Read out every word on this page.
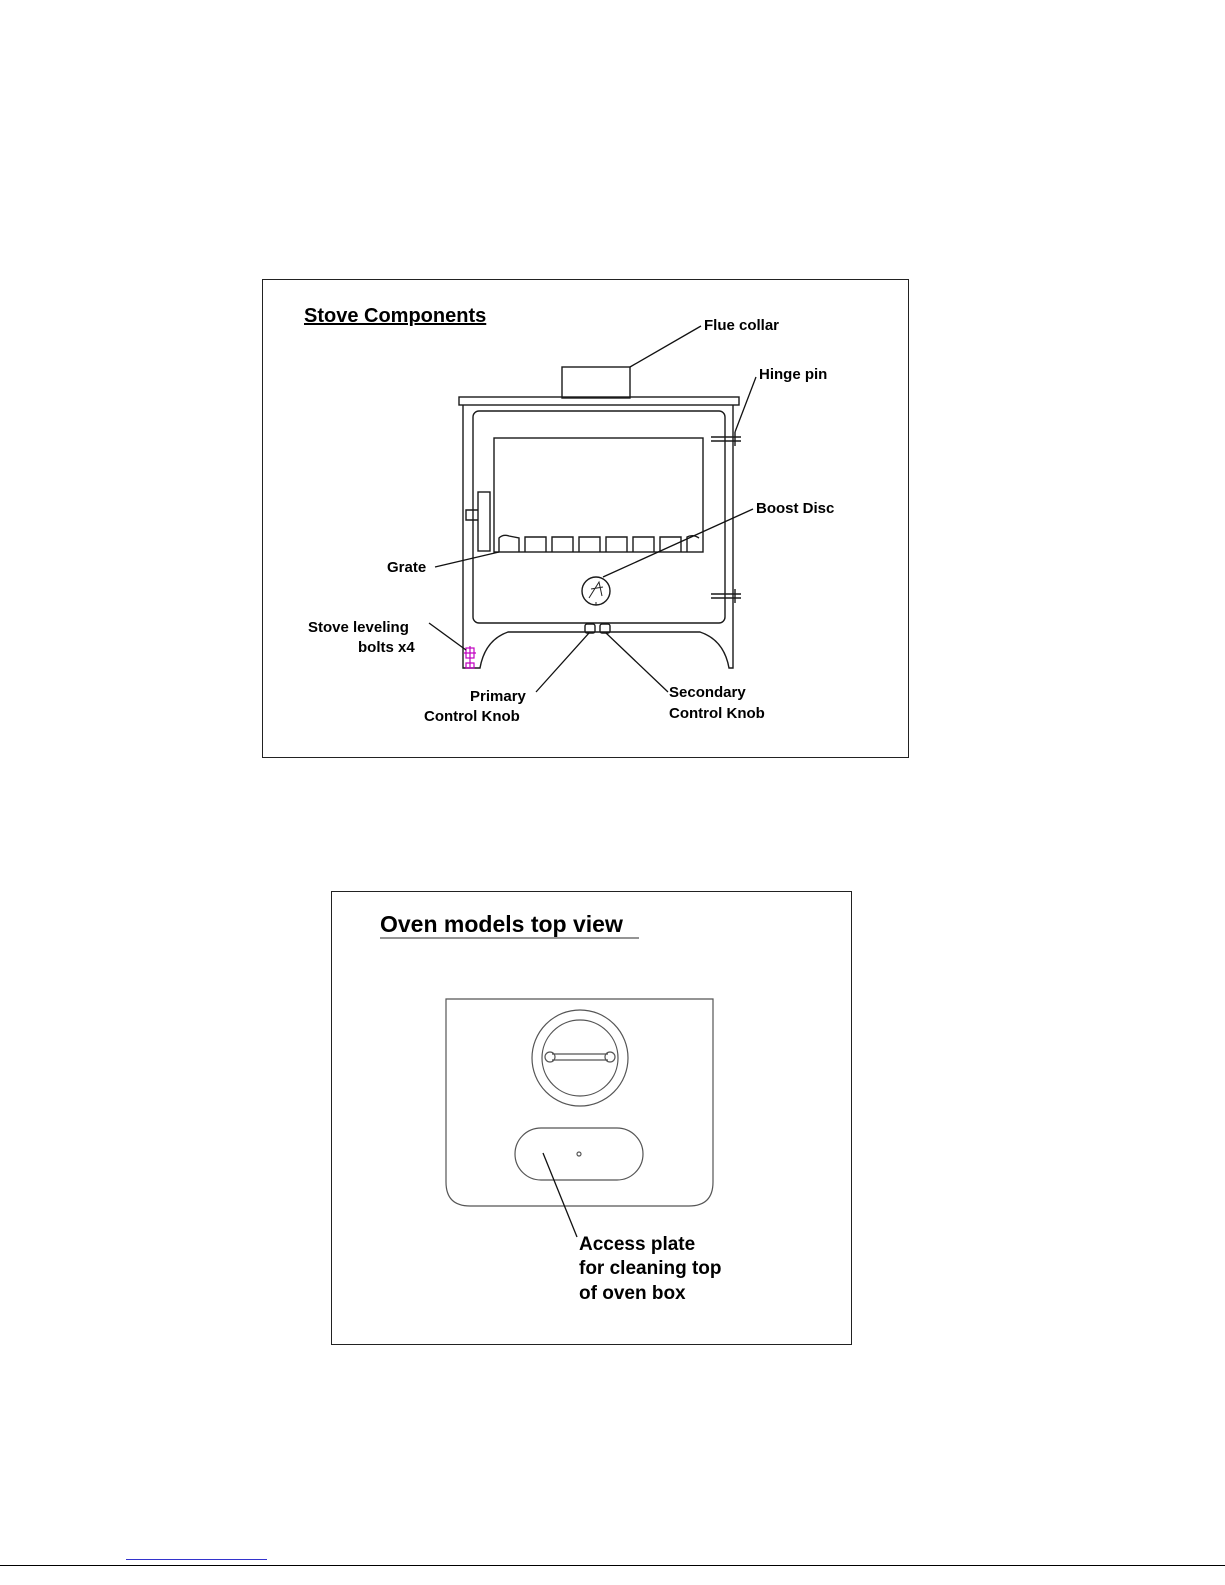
Stove Components	Flue collar
Hinge pin
Boost Disc
Grate
Stove leveling
bolts x4
Primary
Control Knob
Secondary
Control Knob
Oven models top view
Access plate
for cleaning top
of oven box
